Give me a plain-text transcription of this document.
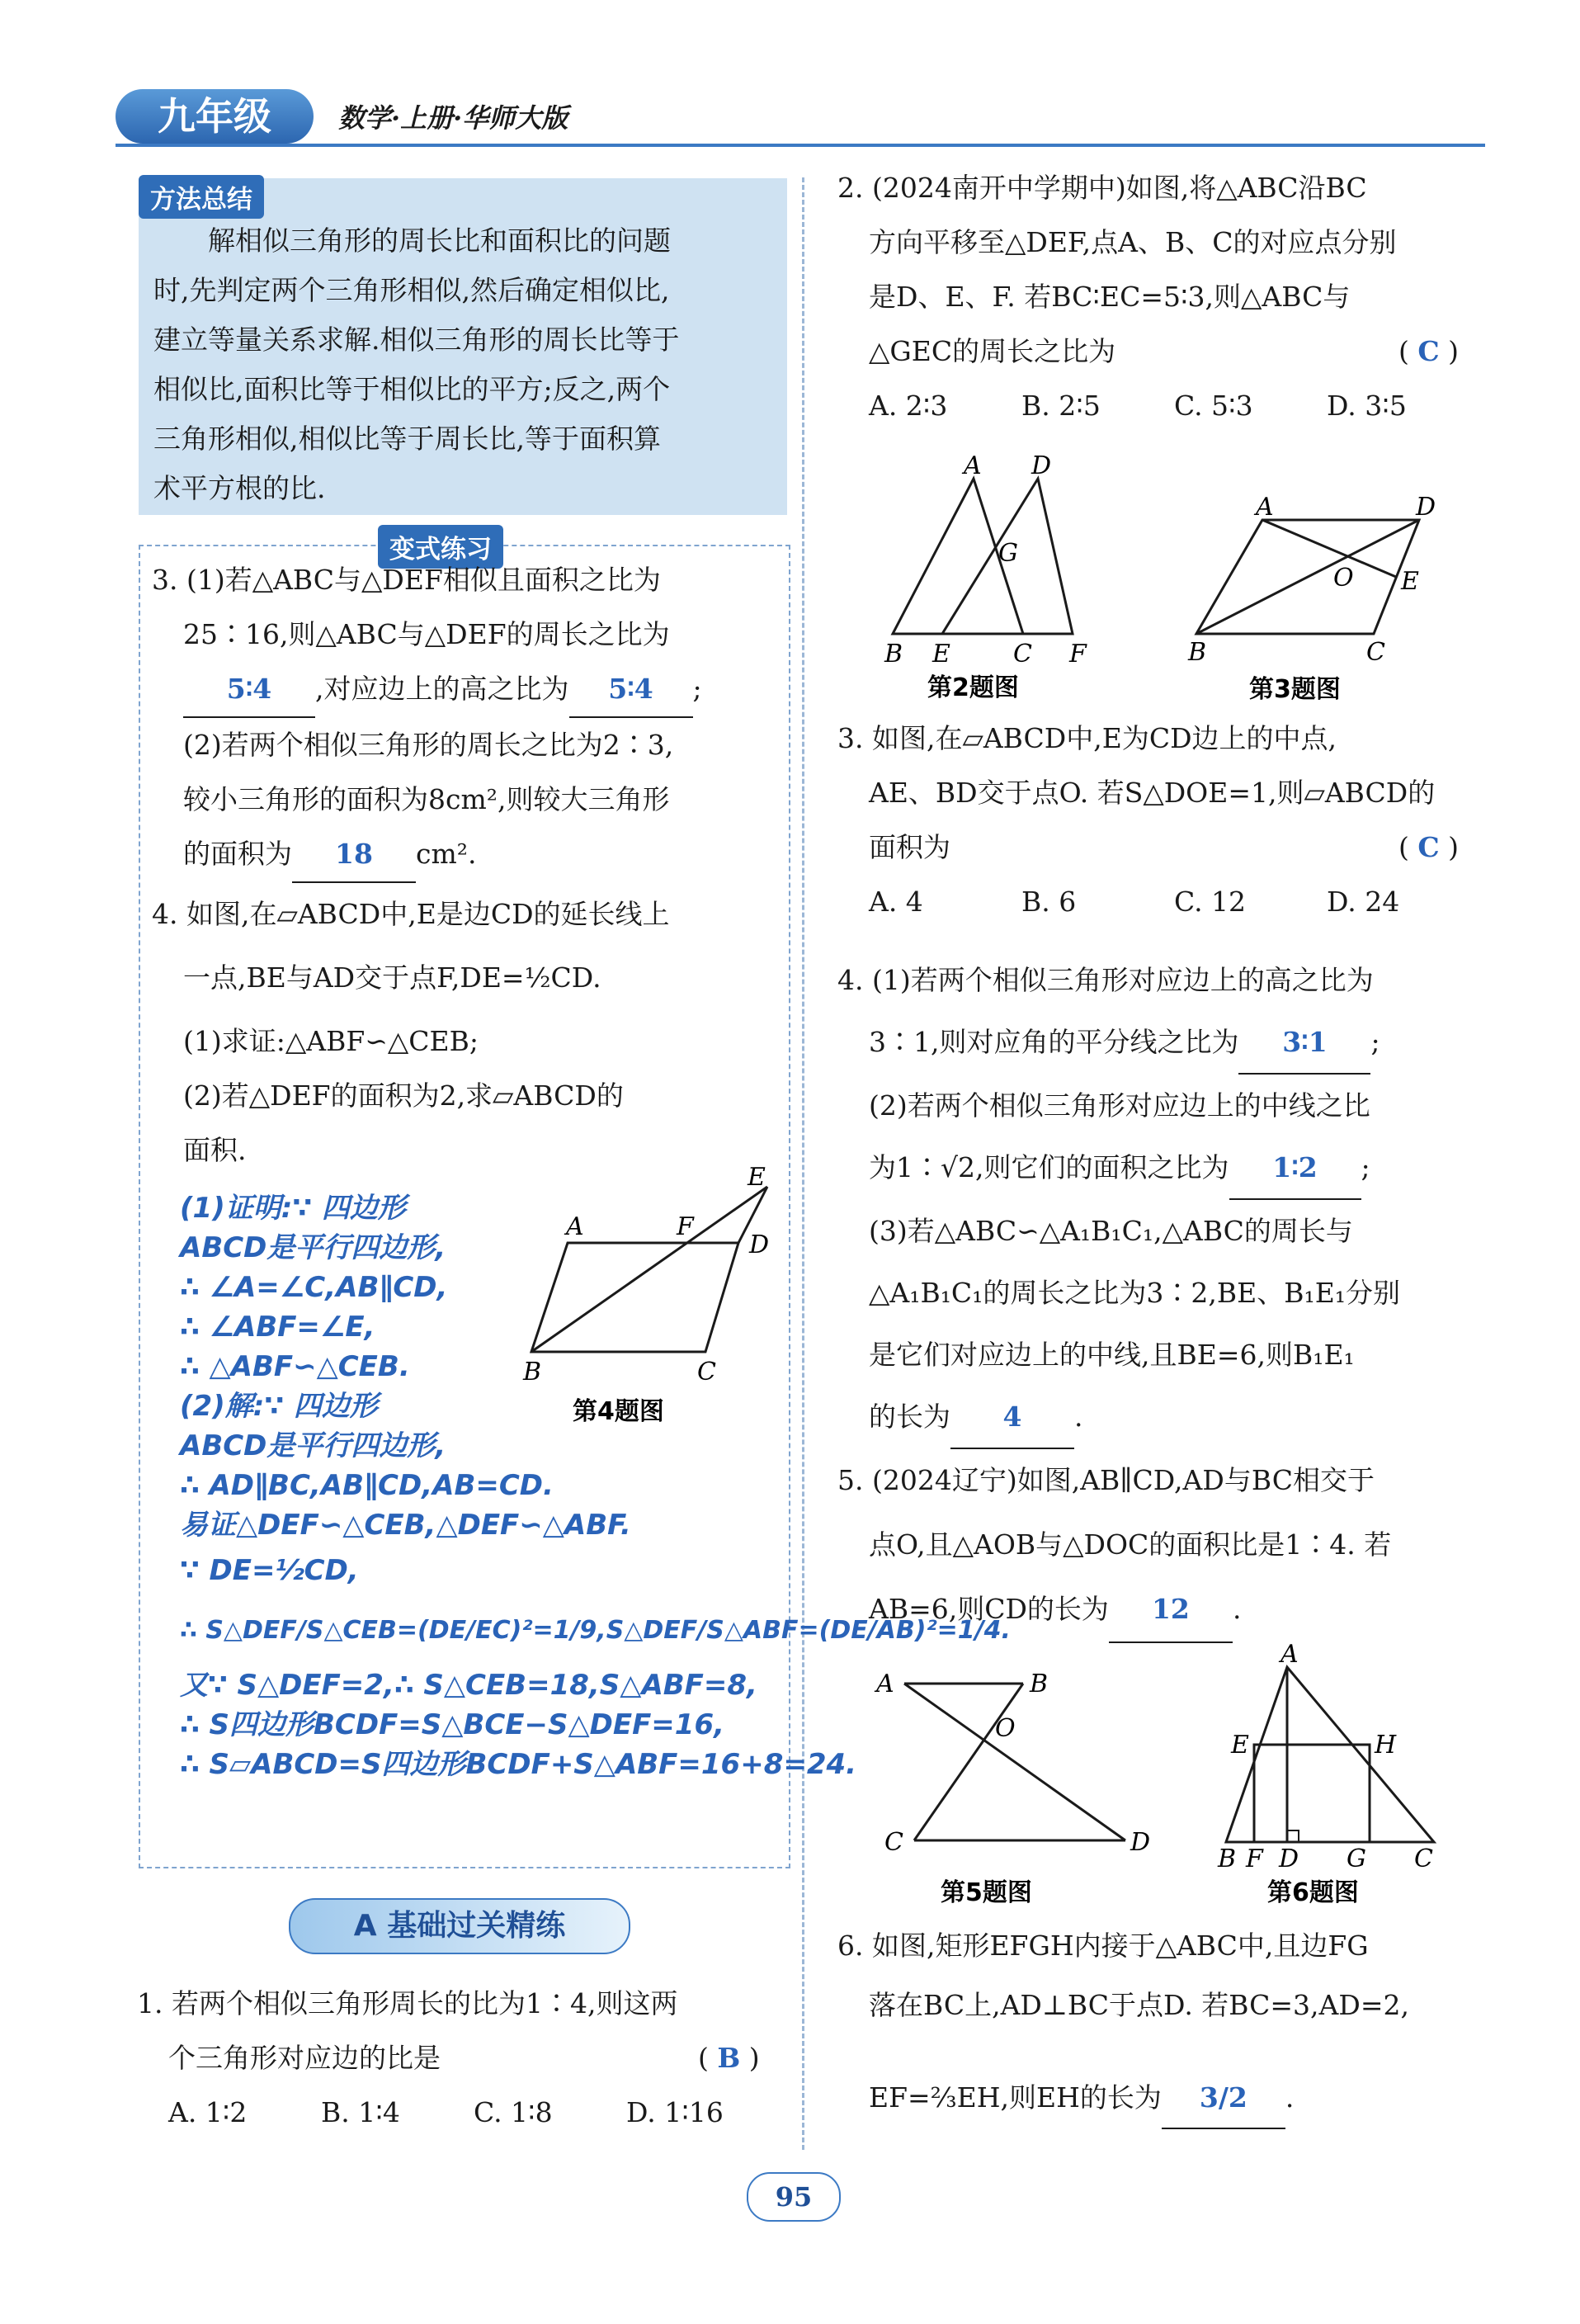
九年级	数学·上册·华师大版
方法总结
解相似三角形的周长比和面积比的问题
时,先判定两个三角形相似,然后确定相似比,
建立等量关系求解.相似三角形的周长比等于
相似比,面积比等于相似比的平方;反之,两个
三角形相似,相似比等于周长比,等于面积算
术平方根的比.
变式练习
3. (1)若△ABC与△DEF相似且面积之比为
25∶16,则△ABC与△DEF的周长之比为
5∶4 ,对应边上的高之比为 5∶4 ;
(2)若两个相似三角形的周长之比为2∶3,
较小三角形的面积为8cm²,则较大三角形
的面积为 18 cm².
4. 如图,在▱ABCD中,E是边CD的延长线上
一点,BE与AD交于点F,DE=½CD.
(1)求证:△ABF∽△CEB;
(2)若△DEF的面积为2,求▱ABCD的
面积.
(1)证明:∵ 四边形
ABCD是平行四边形,
∴ ∠A=∠C,AB∥CD,
∴ ∠ABF=∠E,
∴ △ABF∽△CEB.
(2)解:∵ 四边形
ABCD是平行四边形,
∴ AD∥BC,AB∥CD,AB=CD.
易证△DEF∽△CEB,△DEF∽△ABF.
∵ DE=½CD,
∴ S△DEF/S△CEB=(DE/EC)²=1/9,S△DEF/S△ABF=(DE/AB)²=1/4.
又∵ S△DEF=2,∴ S△CEB=18,S△ABF=8,
∴ S四边形BCDF=S△BCE−S△DEF=16,
∴ S▱ABCD=S四边形BCDF+S△ABF=16+8=24.
E
A	F
D
B	C
第4题图
A 基础过关精练
1. 若两个相似三角形周长的比为1∶4,则这两
个三角形对应边的比是	( B )
A. 1∶2	B. 1∶4	C. 1∶8	D. 1∶16
2. (2024南开中学期中)如图,将△ABC沿BC
方向平移至△DEF,点A、B、C的对应点分别
是D、E、F. 若BC∶EC=5∶3,则△ABC与
△GEC的周长之比为	( C )
A. 2∶3	B. 2∶5	C. 5∶3	D. 3∶5
A D
G
B E	C F
第2题图
A	D
O E
B	C
第3题图
3. 如图,在▱ABCD中,E为CD边上的中点,
AE、BD交于点O. 若S△DOE=1,则▱ABCD的
面积为	( C )
A. 4	B. 6	C. 12	D. 24
4. (1)若两个相似三角形对应边上的高之比为
3∶1,则对应角的平分线之比为 3∶1 ;
(2)若两个相似三角形对应边上的中线之比
为1∶√2,则它们的面积之比为 1∶2 ;
(3)若△ABC∽△A₁B₁C₁,△ABC的周长与
△A₁B₁C₁的周长之比为3∶2,BE、B₁E₁分别
是它们对应边上的中线,且BE=6,则B₁E₁
的长为 4 .
5. (2024辽宁)如图,AB∥CD,AD与BC相交于
点O,且△AOB与△DOC的面积比是1∶4. 若
AB=6,则CD的长为 12 .
A	B
O
C	D
第5题图
A
E	H
B F D G C
第6题图
6. 如图,矩形EFGH内接于△ABC中,且边FG
落在BC上,AD⊥BC于点D. 若BC=3,AD=2,
EF=⅔EH,则EH的长为 3/2 .
95
